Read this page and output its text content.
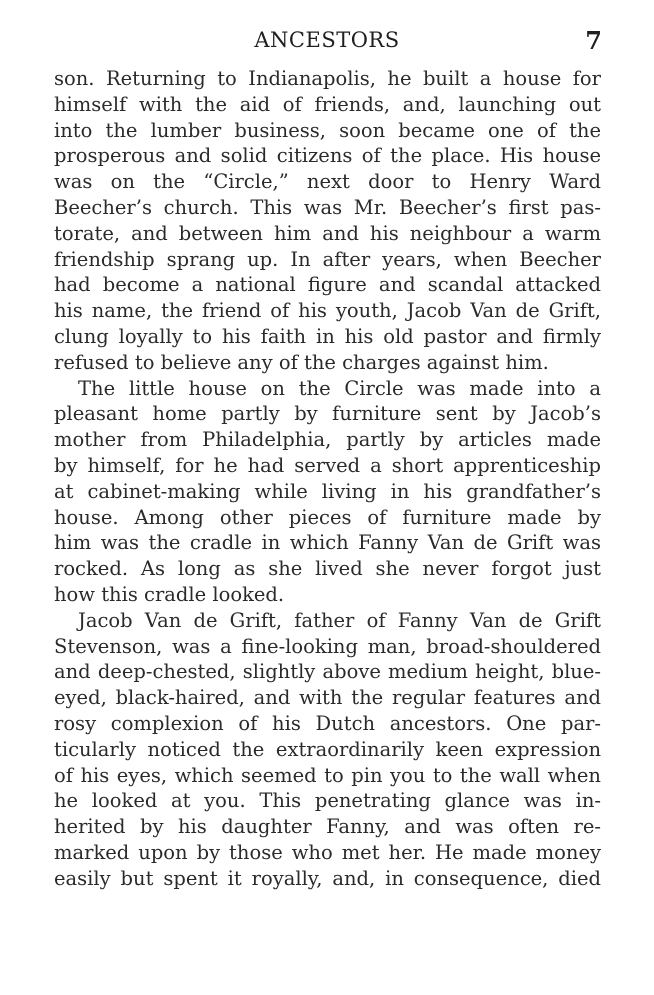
ANCESTORS	7
son. Returning to Indianapolis, he built a house for
himself with the aid of friends, and, launching out
into the lumber business, soon became one of the
prosperous and solid citizens of the place. His house
was on the “Circle,” next door to Henry Ward
Beecher’s church. This was Mr. Beecher’s first pas-
torate, and between him and his neighbour a warm
friendship sprang up. In after years, when Beecher
had become a national figure and scandal attacked
his name, the friend of his youth, Jacob Van de Grift,
clung loyally to his faith in his old pastor and firmly
refused to believe any of the charges against him.
The little house on the Circle was made into a
pleasant home partly by furniture sent by Jacob’s
mother from Philadelphia, partly by articles made
by himself, for he had served a short apprenticeship
at cabinet-making while living in his grandfather’s
house. Among other pieces of furniture made by
him was the cradle in which Fanny Van de Grift was
rocked. As long as she lived she never forgot just
how this cradle looked.
Jacob Van de Grift, father of Fanny Van de Grift
Stevenson, was a fine-looking man, broad-shouldered
and deep-chested, slightly above medium height, blue-
eyed, black-haired, and with the regular features and
rosy complexion of his Dutch ancestors. One par-
ticularly noticed the extraordinarily keen expression
of his eyes, which seemed to pin you to the wall when
he looked at you. This penetrating glance was in-
herited by his daughter Fanny, and was often re-
marked upon by those who met her. He made money
easily but spent it royally, and, in consequence, died
